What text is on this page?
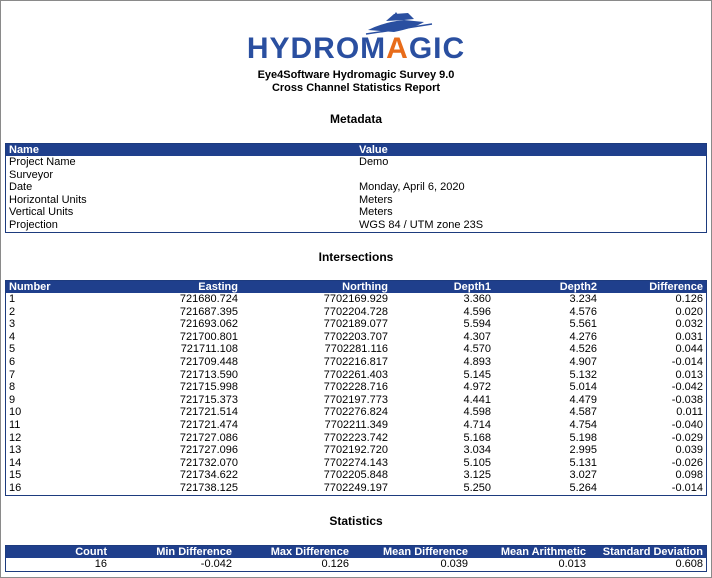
HYDROMAGIC
Eye4Software Hydromagic Survey 9.0
Cross Channel Statistics Report
Metadata
Name	Value
Project Name	Demo
Surveyor
Date	Monday, April 6, 2020
Horizontal Units	Meters
Vertical Units	Meters
Projection	WGS 84 / UTM zone 23S
Intersections
Number	Easting	Northing	Depth1	Depth2	Difference
1	721680.724	7702169.929	3.360	3.234	0.126
2	721687.395	7702204.728	4.596	4.576	0.020
3	721693.062	7702189.077	5.594	5.561	0.032
4	721700.801	7702203.707	4.307	4.276	0.031
5	721711.108	7702281.116	4.570	4.526	0.044
6	721709.448	7702216.817	4.893	4.907	-0.014
7	721713.590	7702261.403	5.145	5.132	0.013
8	721715.998	7702228.716	4.972	5.014	-0.042
9	721715.373	7702197.773	4.441	4.479	-0.038
10	721721.514	7702276.824	4.598	4.587	0.011
11	721721.474	7702211.349	4.714	4.754	-0.040
12	721727.086	7702223.742	5.168	5.198	-0.029
13	721727.096	7702192.720	3.034	2.995	0.039
14	721732.070	7702274.143	5.105	5.131	-0.026
15	721734.622	7702205.848	3.125	3.027	0.098
16	721738.125	7702249.197	5.250	5.264	-0.014
Statistics
Count	Min Difference	Max Difference	Mean Difference	Mean Arithmetic	Standard Deviation
16	-0.042	0.126	0.039	0.013	0.608
